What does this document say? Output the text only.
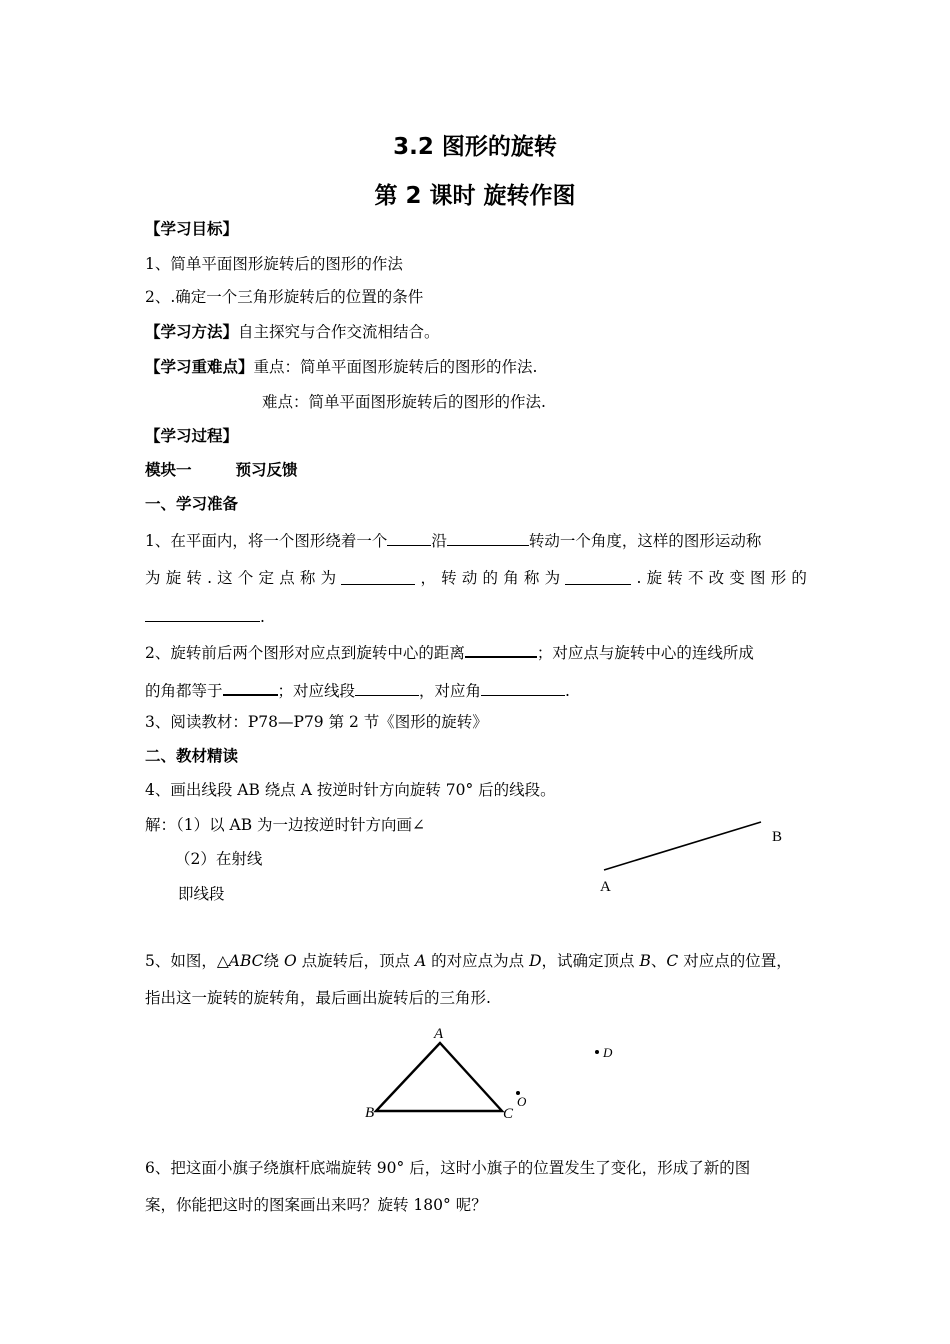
3.2 图形的旋转
第 2 课时 旋转作图
【学习目标】
1、简单平面图形旋转后的图形的作法
2、.确定一个三角形旋转后的位置的条件
【学习方法】自主探究与合作交流相结合。
【学习重难点】重点：简单平面图形旋转后的图形的作法.
难点：简单平面图形旋转后的图形的作法.
【学习过程】
模块一	预习反馈
一、学习准备
1、在平面内，将一个图形绕着一个	沿	转动一个角度，这样的图形运动称
为 旋 转 . 这 个 定 点 称 为	， 转 动 的 角 称 为	. 旋 转 不 改 变 图 形 的
.
2、旋转前后两个图形对应点到旋转中心的距离	；对应点与旋转中心的连线所成
的角都等于	；对应线段	，对应角	.
3、阅读教材：P78—P79 第 2 节《图形的旋转》
二、教材精读
4、画出线段 AB 绕点 A 按逆时针方向旋转 70° 后的线段。
解：（1）以 AB 为一边按逆时针方向画∠
（2）在射线
即线段	A
B
5、如图，△ABC绕 O 点旋转后，顶点 A 的对应点为点 D，试确定顶点 B、C 对应点的位置，
指出这一旋转的旋转角，最后画出旋转后的三角形.
A
B	C
O
D
6、把这面小旗子绕旗杆底端旋转 90° 后，这时小旗子的位置发生了变化，形成了新的图
案，你能把这时的图案画出来吗？旋转 180° 呢？
